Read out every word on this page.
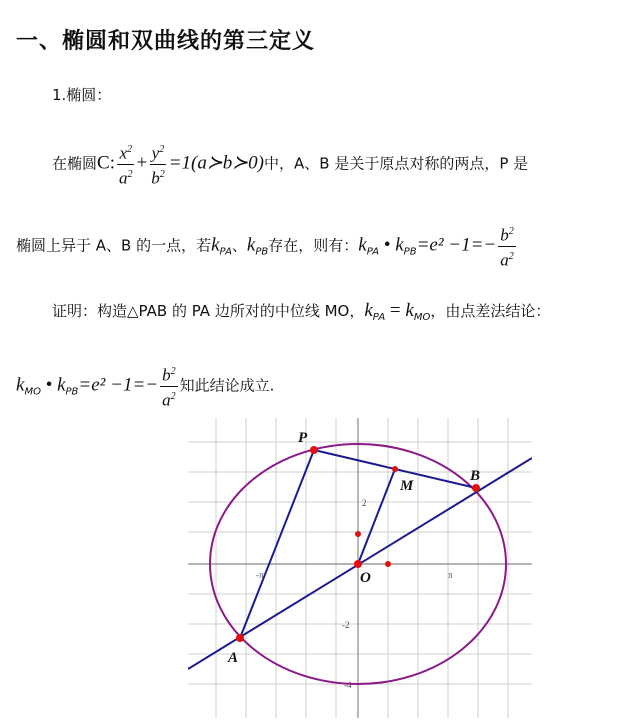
一、椭圆和双曲线的第三定义
1.椭圆：
在椭圆C: $\frac{x^2}{a^2} + \frac{y^2}{b^2}$ =1(a≻b≻0)中，A、B 是关于原点对称的两点，P 是
椭圆上异于 A、B 的一点，若$k_{PA}$、$k_{PB}$存在，则有：$k_{PA}$ • $k_{PB}=e^2 -1=- \frac{b^2}{a^2}$
证明：构造△PAB 的 PA 边所对的中位线 MO，$k_{PA} = k_{MO}$，由点差法结论：
$k_{MO}$ • $k_{PB}=e^2 -1=- \frac{b^2}{a^2}$ 知此结论成立.
2
-2
π
-π
-4
P
M
B
O
A
